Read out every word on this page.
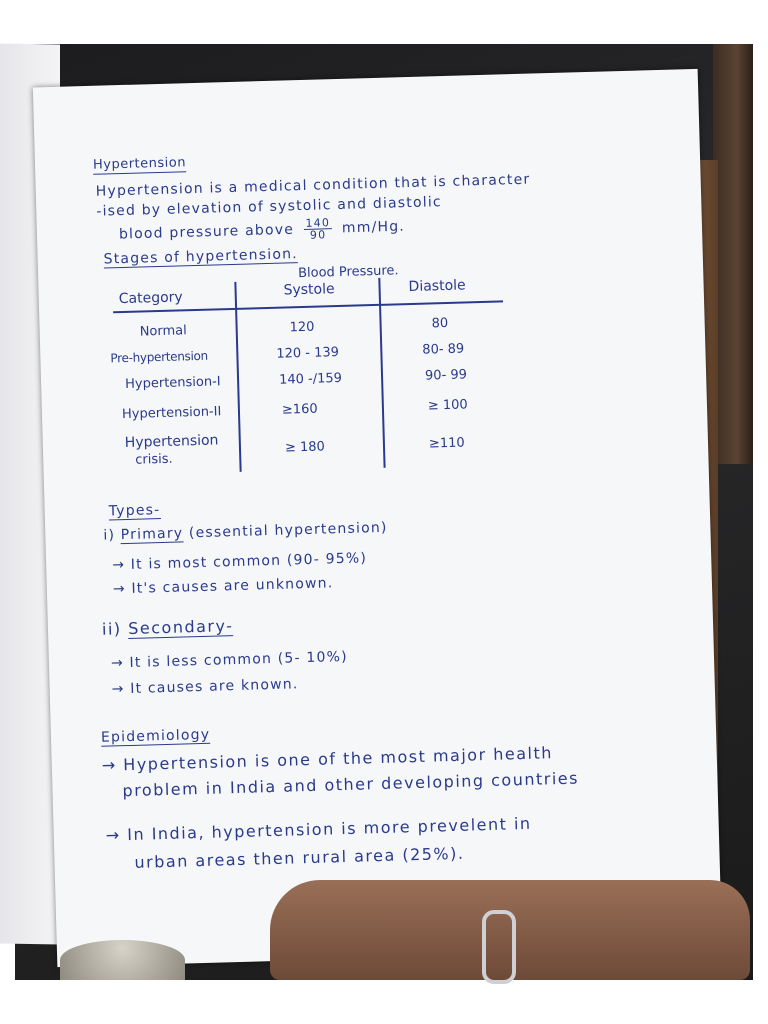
Hypertension
Hypertension is a medical condition that is character
-ised by elevation of systolic and diastolic
blood pressure above $\frac{140}{90} mm/Hg$.
Stages of hypertension.
Blood Pressure.
Category	Systole	Diastole
Normal	120	80
Pre-hypertension	120 - 139	80- 89
Hypertension-I	140 -/159	90- 99
Hypertension-II	≥160	≥ 100
Hypertension
crisis.
≥ 180	≥110
Types-
i) Primary (essential hypertension)
→ It is most common (90- 95%)
→ It's causes are unknown.
ii) Secondary-
→ It is less common (5- 10%)
→ It causes are known.
Epidemiology
→ Hypertension is one of the most major health
problem in India and other developing countries
→ In India, hypertension is more prevelent in
urban areas then rural area (25%).
